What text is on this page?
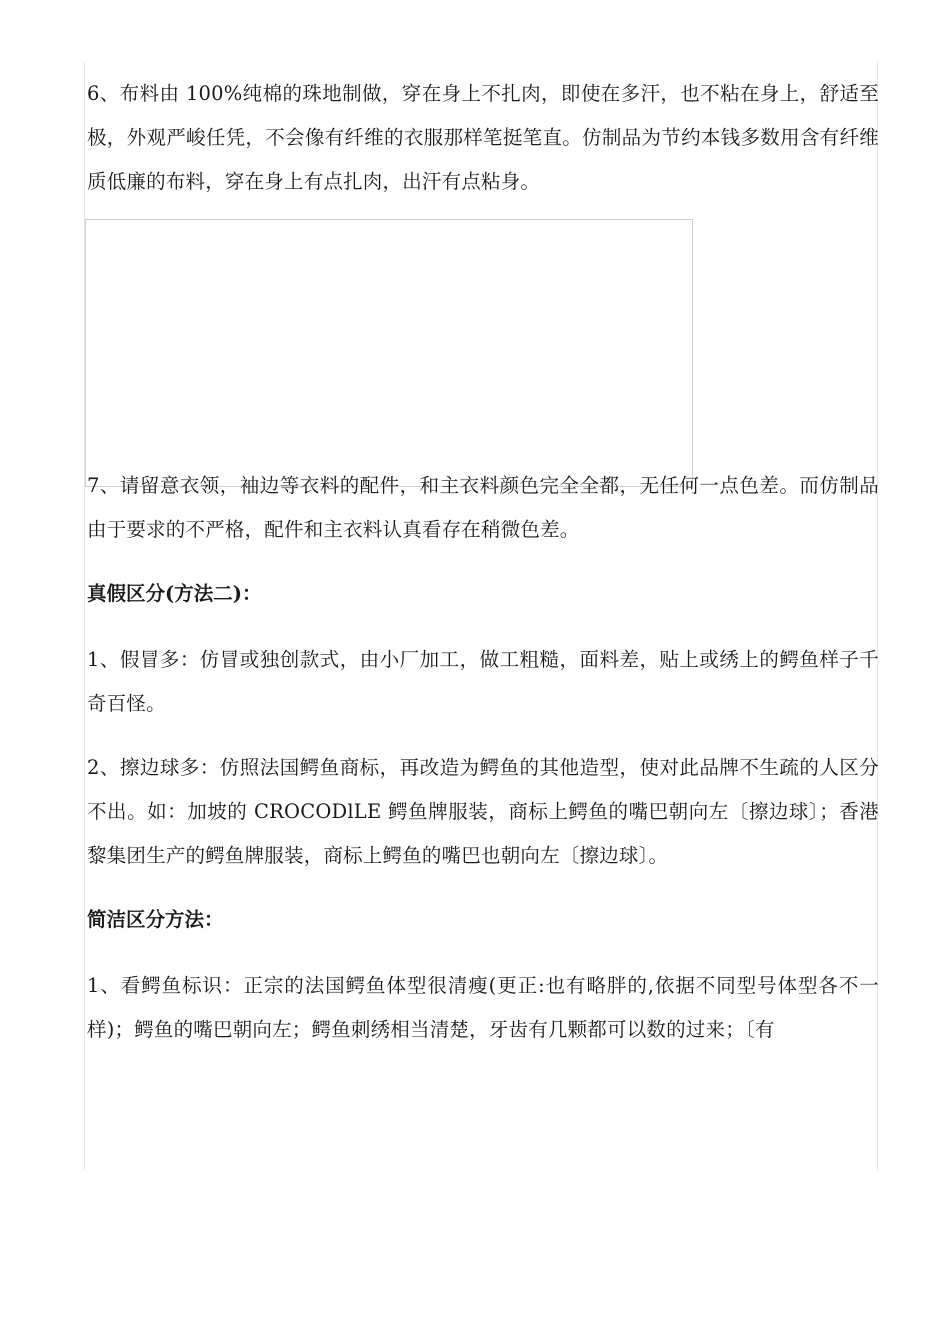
6、布料由 100%纯棉的珠地制做，穿在身上不扎肉，即使在多汗，也不粘在身上，舒适至极，外观严峻任凭，不会像有纤维的衣服那样笔挺笔直。仿制品为节约本钱多数用含有纤维质低廉的布料，穿在身上有点扎肉，出汗有点粘身。

7、请留意衣领，袖边等衣料的配件，和主衣料颜色完全全都，无任何一点色差。而仿制品由于要求的不严格，配件和主衣料认真看存在稍微色差。

真假区分(方法二)：

1、假冒多：仿冒或独创款式，由小厂加工，做工粗糙，面料差，贴上或绣上的鳄鱼样子千奇百怪。

2、擦边球多：仿照法国鳄鱼商标，再改造为鳄鱼的其他造型，使对此品牌不生疏的人区分不出。如：加坡的 CROCODlLE 鳄鱼牌服装，商标上鳄鱼的嘴巴朝向左〔擦边球〕；香港黎集团生产的鳄鱼牌服装，商标上鳄鱼的嘴巴也朝向左〔擦边球〕。

简洁区分方法：

1、看鳄鱼标识：正宗的法国鳄鱼体型很清瘦(更正:也有略胖的,依据不同型号体型各不一样)；鳄鱼的嘴巴朝向左；鳄鱼刺绣相当清楚，牙齿有几颗都可以数的过来；〔有
